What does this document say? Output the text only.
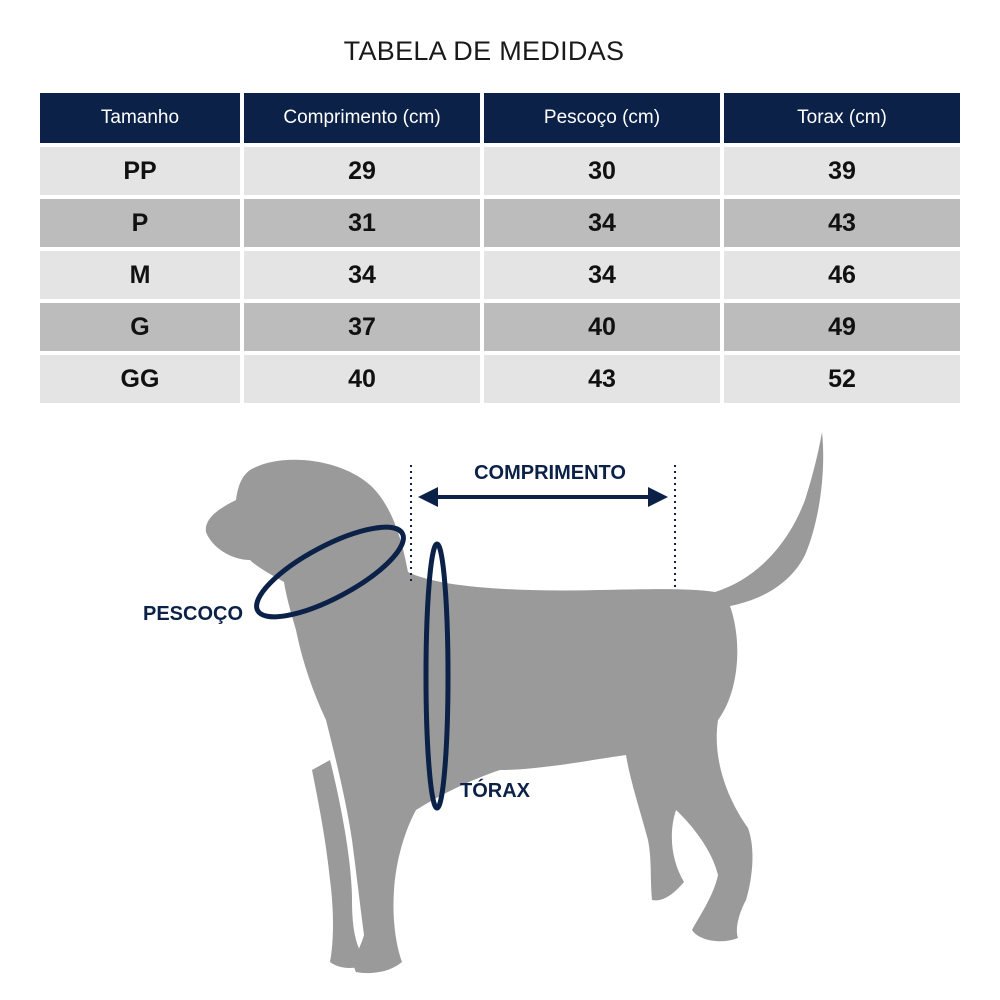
TABELA DE MEDIDAS
Tamanho	Comprimento (cm)	Pescoço (cm)	Torax (cm)
PP	29	30	39
P	31	34	43
M	34	34	46
G	37	40	49
GG	40	43	52
COMPRIMENTO
PESCOÇO
TÓRAX
